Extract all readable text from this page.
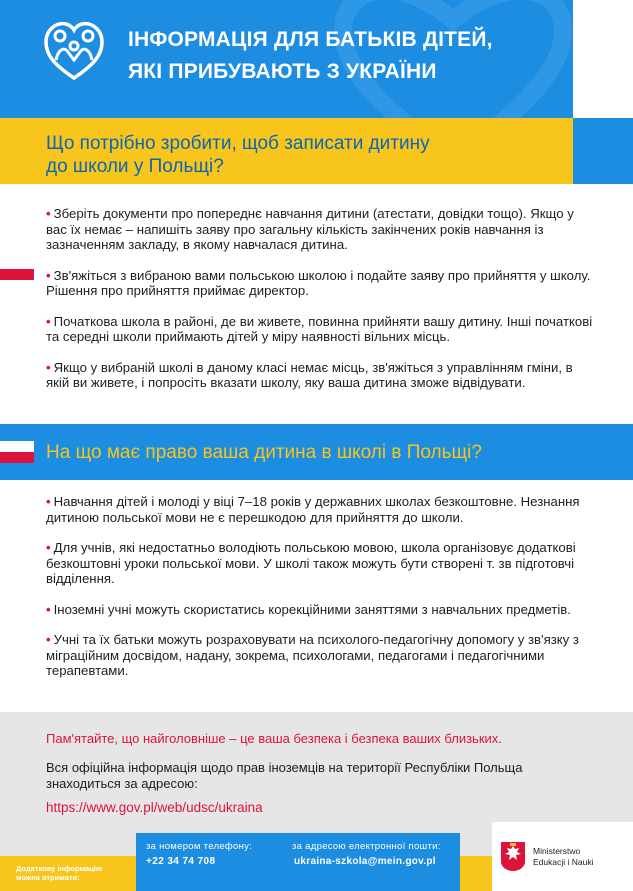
ІНФОРМАЦІЯ ДЛЯ БАТЬКІВ ДІТЕЙ,
ЯКІ ПРИБУВАЮТЬ З УКРАЇНИ
Що потрібно зробити, щоб записати дитину
до школи у Польщі?
• Зберіть документи про попереднє навчання дитини (атестати, довідки тощо). Якщо у вас їх немає – напишіть заяву про загальну кількість закінчених років навчання із зазначенням закладу, в якому навчалася дитина.
• Зв'яжіться з вибраною вами польською школою і подайте заяву про прийняття у школу. Рішення про прийняття приймає директор.
• Початкова школа в районі, де ви живете, повинна прийняти вашу дитину. Інші початкові та середні школи приймають дітей у міру наявності вільних місць.
• Якщо у вибраній школі в даному класі немає місць, зв'яжіться з управлінням гміни, в якій ви живете, і попросіть вказати школу, яку ваша дитина зможе відвідувати.
На що має право ваша дитина в школі в Польщі?
• Навчання дітей і молоді у віці 7–18 років у державних школах безкоштовне. Незнання дитиною польської мови не є перешкодою для прийняття до школи.
• Для учнів, які недостатньо володіють польською мовою, школа організовує додаткові безкоштовні уроки польської мови. У школі також можуть бути створені т. зв підготовчі відділення.
• Іноземні учні можуть скористатись корекційними заняттями з навчальних предметів.
• Учні та їх батьки можуть розраховувати на психолого-педагогічну допомогу у зв'язку з міграційним досвідом, надану, зокрема, психологами, педагогами і педагогічними терапевтами.
Пам'ятайте, що найголовніше – це ваша безпека і безпека ваших близьких.
Вся офіційна інформація щодо прав іноземців на території Республіки Польща знаходиться за адресою:
https://www.gov.pl/web/udsc/ukraina
Додаткову інформацію
можна отримати:
за номером телефону:
+22 34 74 708
за адресою електронної пошти:
ukraina-szkola@mein.gov.pl
Ministerstwo
Edukacji i Nauki
